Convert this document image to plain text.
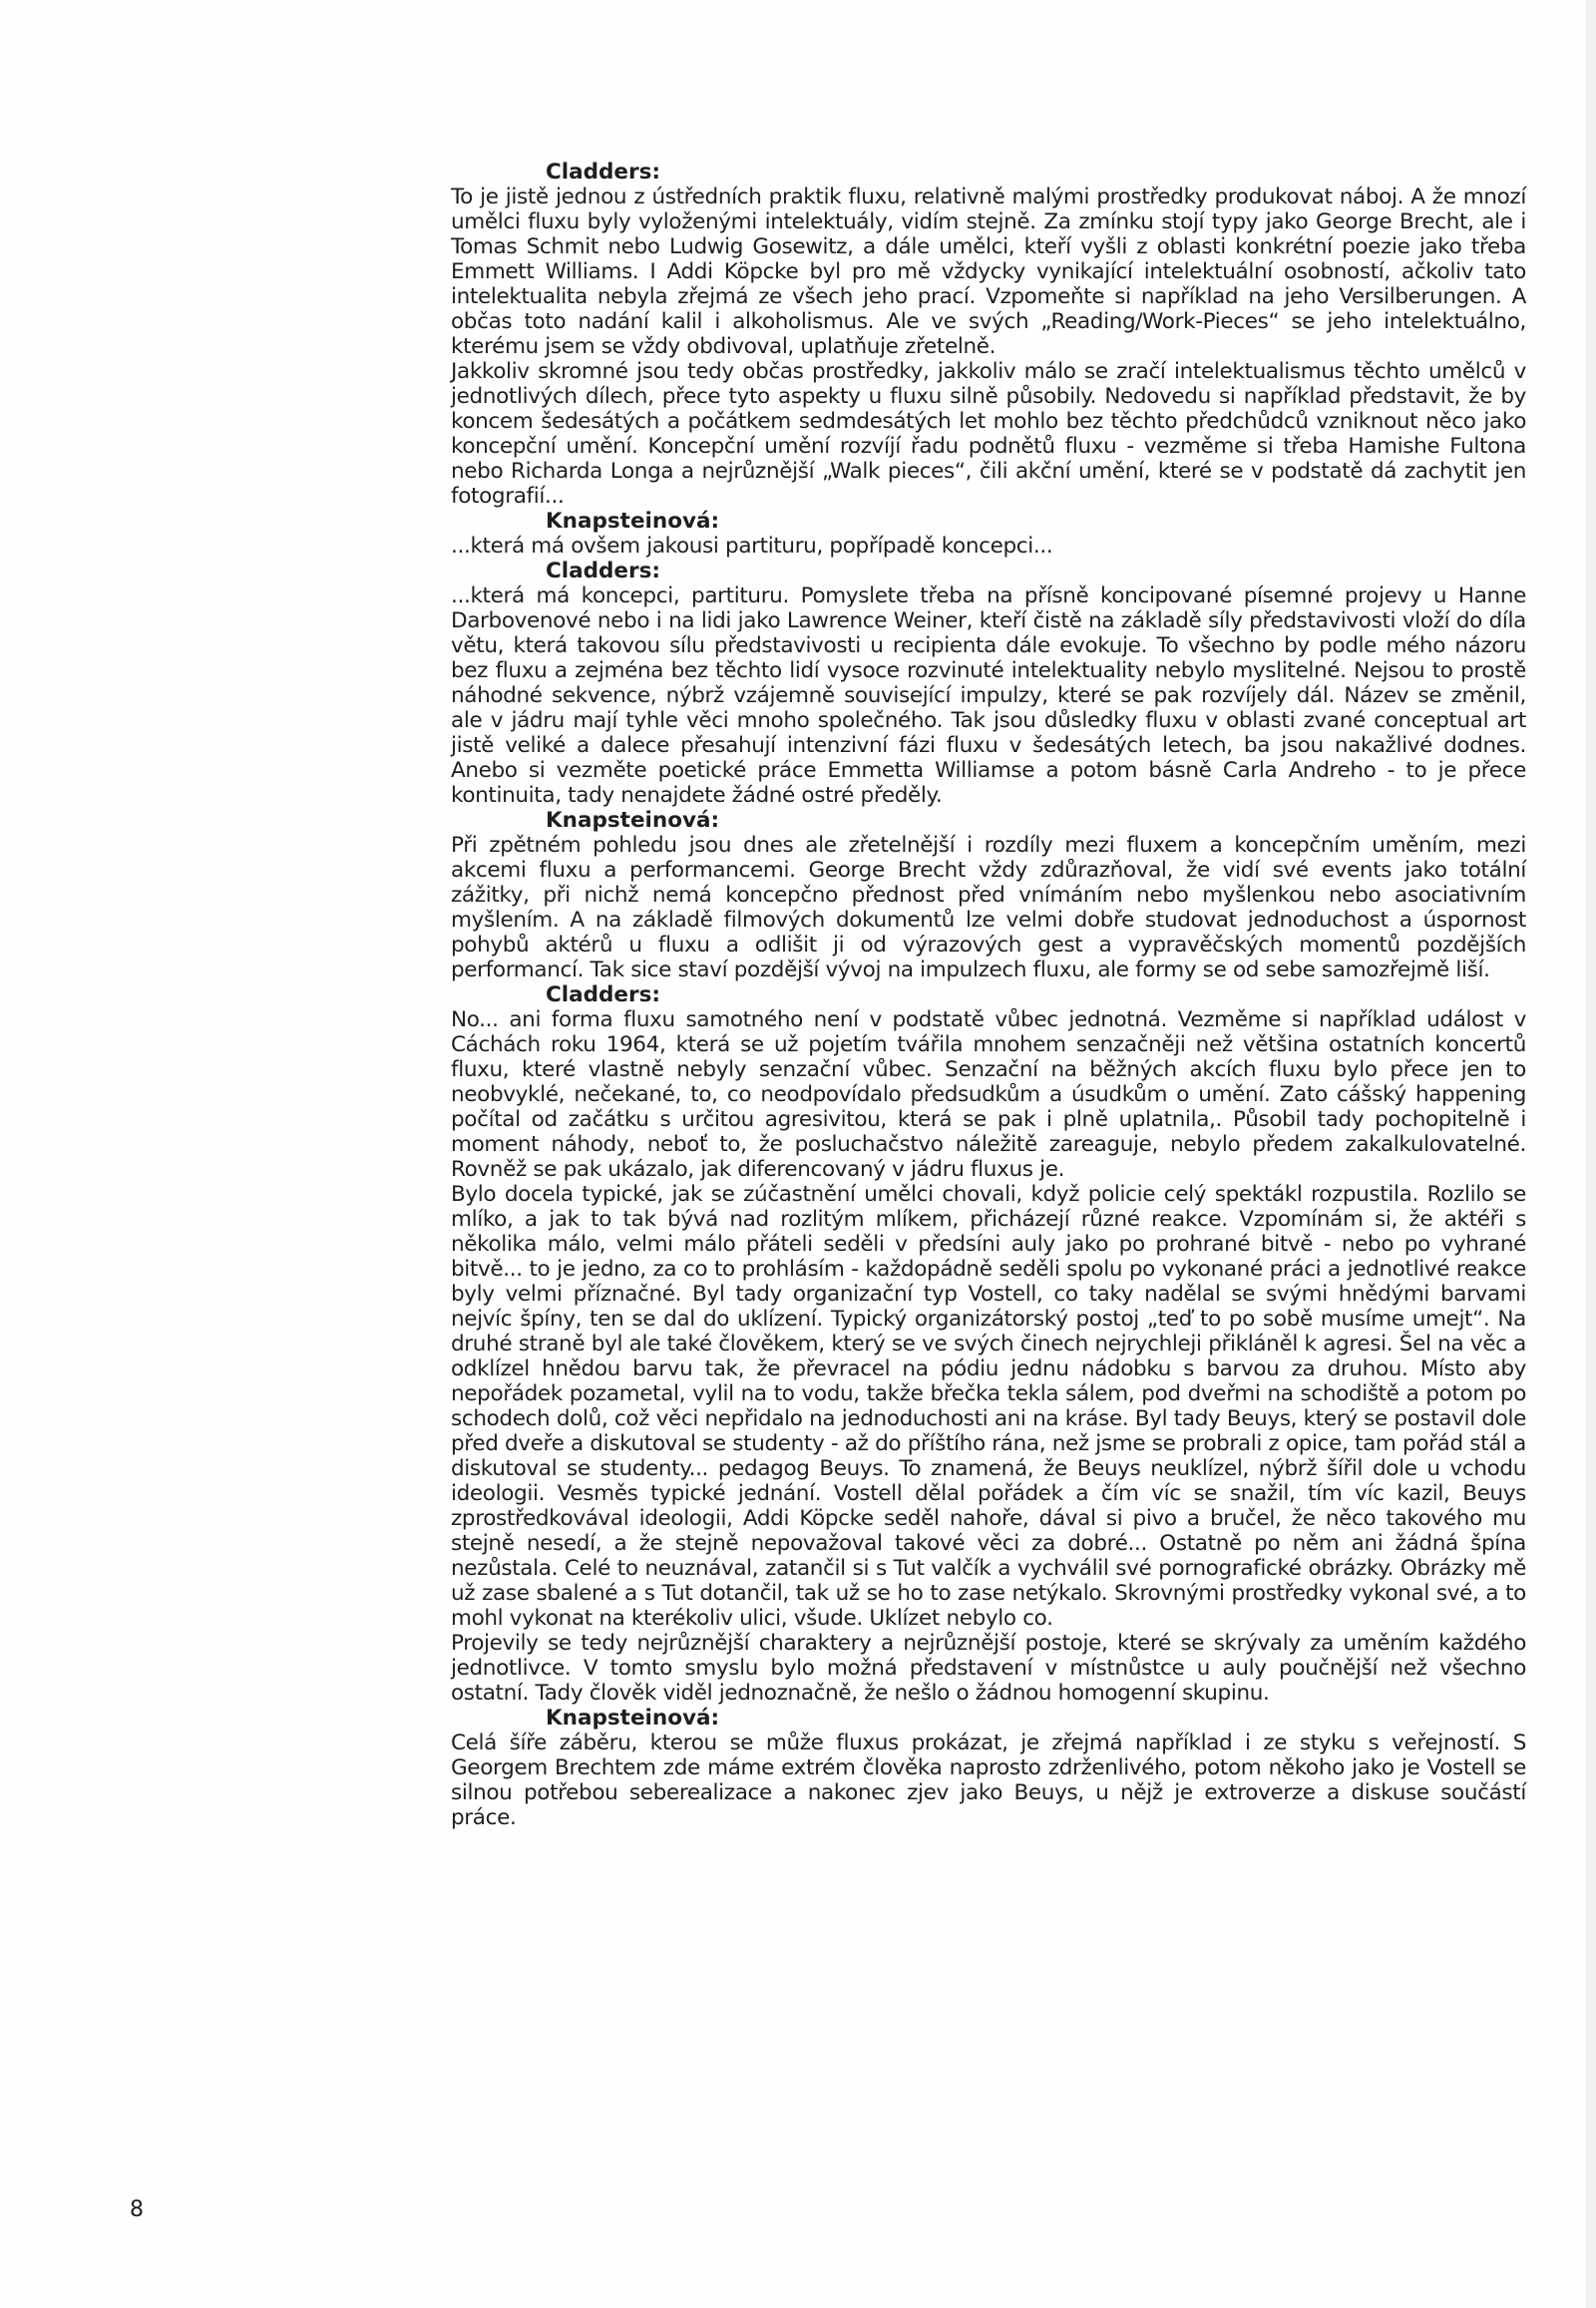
Cladders:

To je jistě jednou z ústředních praktik fluxu, relativně malými prostředky produkovat náboj. A že mnozí umělci fluxu byly vyloženými intelektuály, vidím stejně. Za zmínku stojí typy jako George Brecht, ale i Tomas Schmit nebo Ludwig Gosewitz, a dále umělci, kteří vyšli z oblasti konkrétní poezie jako třeba Emmett Williams. I Addi Köpcke byl pro mě vždycky vynikající intelektuální osobností, ačkoliv tato intelektualita nebyla zřejmá ze všech jeho prací. Vzpomeňte si například na jeho Versilberungen. A občas toto nadání kalil i alkoholismus. Ale ve svých „Reading/Work-Pieces“ se jeho intelektuálno, kterému jsem se vždy obdivoval, uplatňuje zřetelně.

Jakkoliv skromné jsou tedy občas prostředky, jakkoliv málo se zračí intelektualismus těchto umělců v jednotlivých dílech, přece tyto aspekty u fluxu silně působily. Nedovedu si například představit, že by koncem šedesátých a počátkem sedmdesátých let mohlo bez těchto předchůdců vzniknout něco jako koncepční umění. Koncepční umění rozvíjí řadu podnětů fluxu - vezměme si třeba Hamishe Fultona nebo Richarda Longa a nejrůznější „Walk pieces“, čili akční umění, které se v podstatě dá zachytit jen fotografií...

Knapsteinová:

...která má ovšem jakousi partituru, popřípadě koncepci...

Cladders:

...která má koncepci, partituru. Pomyslete třeba na přísně koncipované písemné projevy u Hanne Darbovenové nebo i na lidi jako Lawrence Weiner, kteří čistě na základě síly představivosti vloží do díla větu, která takovou sílu představivosti u recipienta dále evokuje. To všechno by podle mého názoru bez fluxu a zejména bez těchto lidí vysoce rozvinuté intelektuality nebylo myslitelné. Nejsou to prostě náhodné sekvence, nýbrž vzájemně související impulzy, které se pak rozvíjely dál. Název se změnil, ale v jádru mají tyhle věci mnoho společného. Tak jsou důsledky fluxu v oblasti zvané conceptual art jistě veliké a dalece přesahují intenzivní fázi fluxu v šedesátých letech, ba jsou nakažlivé dodnes. Anebo si vezměte poetické práce Emmetta Williamse a potom básně Carla Andreho - to je přece kontinuita, tady nenajdete žádné ostré předěly.

Knapsteinová:

Při zpětném pohledu jsou dnes ale zřetelnější i rozdíly mezi fluxem a koncepčním uměním, mezi akcemi fluxu a performancemi. George Brecht vždy zdůrazňoval, že vidí své events jako totální zážitky, při nichž nemá koncepčno přednost před vnímáním nebo myšlenkou nebo asociativním myšlením. A na základě filmových dokumentů lze velmi dobře studovat jednoduchost a úspornost pohybů aktérů u fluxu a odlišit ji od výrazových gest a vypravěčských momentů pozdějších performancí. Tak sice staví pozdější vývoj na impulzech fluxu, ale formy se od sebe samozřejmě liší.

Cladders:

No... ani forma fluxu samotného není v podstatě vůbec jednotná. Vezměme si například událost v Cáchách roku 1964, která se už pojetím tvářila mnohem senzačněji než většina ostatních koncertů fluxu, které vlastně nebyly senzační vůbec. Senzační na běžných akcích fluxu bylo přece jen to neobvyklé, nečekané, to, co neodpovídalo předsudkům a úsudkům o umění. Zato cášský happening počítal od začátku s určitou agresivitou, která se pak i plně uplatnila,. Působil tady pochopitelně i moment náhody, neboť to, že posluchačstvo náležitě zareaguje, nebylo předem zakalkulovatelné. Rovněž se pak ukázalo, jak diferencovaný v jádru fluxus je.

Bylo docela typické, jak se zúčastnění umělci chovali, když policie celý spektákl rozpustila. Rozlilo se mlíko, a jak to tak bývá nad rozlitým mlíkem, přicházejí různé reakce. Vzpomínám si, že aktéři s několika málo, velmi málo přáteli seděli v předsíni auly jako po prohrané bitvě - nebo po vyhrané bitvě... to je jedno, za co to prohlásím - každopádně seděli spolu po vykonané práci a jednotlivé reakce byly velmi příznačné. Byl tady organizační typ Vostell, co taky nadělal se svými hnědými barvami nejvíc špíny, ten se dal do uklízení. Typický organizátorský postoj „teď to po sobě musíme umejt“. Na druhé straně byl ale také člověkem, který se ve svých činech nejrychleji přikláněl k agresi. Šel na věc a odklízel hnědou barvu tak, že převracel na pódiu jednu nádobku s barvou za druhou. Místo aby nepořádek pozametal, vylil na to vodu, takže břečka tekla sálem, pod dveřmi na schodiště a potom po schodech dolů, což věci nepřidalo na jednoduchosti ani na kráse. Byl tady Beuys, který se postavil dole před dveře a diskutoval se studenty - až do příštího rána, než jsme se probrali z opice, tam pořád stál a diskutoval se studenty... pedagog Beuys. To znamená, že Beuys neuklízel, nýbrž šířil dole u vchodu ideologii. Vesměs typické jednání. Vostell dělal pořádek a čím víc se snažil, tím víc kazil, Beuys zprostředkovával ideologii, Addi Köpcke seděl nahoře, dával si pivo a bručel, že něco takového mu stejně nesedí, a že stejně nepovažoval takové věci za dobré... Ostatně po něm ani žádná špína nezůstala. Celé to neuznával, zatančil si s Tut valčík a vychválil své pornografické obrázky. Obrázky mě už zase sbalené a s Tut dotančil, tak už se ho to zase netýkalo. Skrovnými prostředky vykonal své, a to mohl vykonat na kterékoliv ulici, všude. Uklízet nebylo co.

Projevily se tedy nejrůznější charaktery a nejrůznější postoje, které se skrývaly za uměním každého jednotlivce. V tomto smyslu bylo možná představení v místnůstce u auly poučnější než všechno ostatní. Tady člověk viděl jednoznačně, že nešlo o žádnou homogenní skupinu.

Knapsteinová:

Celá šíře záběru, kterou se může fluxus prokázat, je zřejmá například i ze styku s veřejností. S Georgem Brechtem zde máme extrém člověka naprosto zdrženlivého, potom někoho jako je Vostell se silnou potřebou seberealizace a nakonec zjev jako Beuys, u nějž je extroverze a diskuse součástí práce.

8
